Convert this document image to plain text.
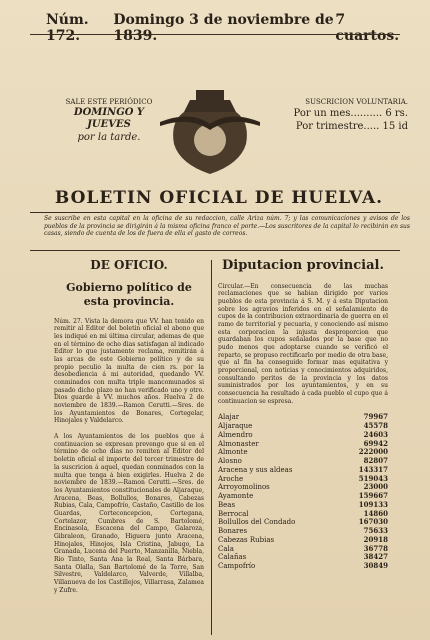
Núm. 172.
Domingo 3 de noviembre de 1839.
7 cuartos.
SALE ESTE PERIÓDICO
DOMINGO Y JUEVES
por la tarde.
SUSCRICION VOLUNTARIA.
Por un mes.......... 6 rs.
Por trimestre..... 15 id
BOLETIN OFICIAL DE HUELVA.
Se suscribe en esta capital en la oficina de su redaccion, calle Ariza núm. 7; y las comunicaciones y avisos de los pueblos de la provincia se dirigirán á la misma oficina franco el porte.—Los suscritores de la capital lo recibirán en sus casas, siendo de cuenta de los de fuera de ella el gasto de correos.
DE OFICIO.
Gobierno político de esta provincia.
Núm. 27. Vista la demora que VV. han tenido en remitir al Editor del boletin oficial el abono que les indiqué en mi última circular, ademas de que en el término de ocho dias satisfagan al indicado Editor lo que justamente reclama, remitirán á las arcas de este Gobierno político y de su propio peculio la multa de cien rs. por la desobediencia á mi autoridad, quedando VV. conminados con multa triple mancomunados si pasado dicho plazo no han verificado uno y otro. Dios guarde á VV. muchos años. Huelva 2 de noviembre de 1839.—Ramon Cerutti.—Sres. de los Ayuntamientos de Bonares, Cortegelar, Hinojales y Valdelarco.
A los Ayuntamientos de los pueblos que á continuacion se expresan prevengo que si en el término de ocho dias no remiten al Editor del boletin oficial el importe del tercer trimestre de la suscricion á aquel, quedan conminados con la multa que tenga á bien exigirles. Huelva 2 de noviembre de 1839.—Ramon Cerutti.—Sres. de los Ayuntamientos constitucionales de Aljaraque, Aracena, Beas, Bollullos, Bonares, Cabezas Rubias, Cala, Campofrío, Castaño, Castillo de los Guardas, Corteconcepcion, Cortegana, Cortelazor, Cumbres de S. Bartolomé, Encinasola, Escacena del Campo, Galaroza, Gibraleon, Granado, Higuera junto Aracena, Hinojales, Hinojos, Isla Cristina, Jabugo, La Granada, Lucena del Puerto, Manzanilla, Niebla, Rio Tinto, Santa Ana la Real, Santa Bárbara, Santa Olalla, San Bartolomé de la Torre, San Silvestre, Valdelarco, Valverde, Villalba, Villanueva de los Castillejos, Villarrasa, Zalamea y Zufre.
Diputacion provincial.
Circular.—En consecuencia de las muchas reclamaciones que se habian dirigido por varios pueblos de esta provincia á S. M. y á esta Diputacion sobre los agravios inferidos en el señalamiento de cupos de la contribucion extraordinaria de guerra en el ramo de territorial y pecuaria, y conociendo así mismo esta corporacion la injusta desproporcion que guardaban los cupos señalados por la base que no pudo menos que adoptarse cuando se verificó el reparto, se propuso rectificarlo por medio de otra base, que al fin ha conseguido formar mas equitativa y proporcional, con noticias y conocimientos adquiridos, consultando peritos de la provincia y los datos suministrados por los ayuntamientos, y en su consecuencia ha resultado á cada pueblo el cupo que á continuacion se espresa.
Alajar	79967
Aljaraque	45578
Almendro	24603
Almonaster	69942
Almonte	222000
Alosno	82807
Aracena y sus aldeas	143317
Aroche	519043
Arroyomolinos	23000
Ayamonte	159667
Beas	109133
Berrocal	14860
Bollullos del Condado	167030
Bonares	75633
Cabezas Rubias	20918
Cala	36778
Calañas	38427
Campofrío	30849
